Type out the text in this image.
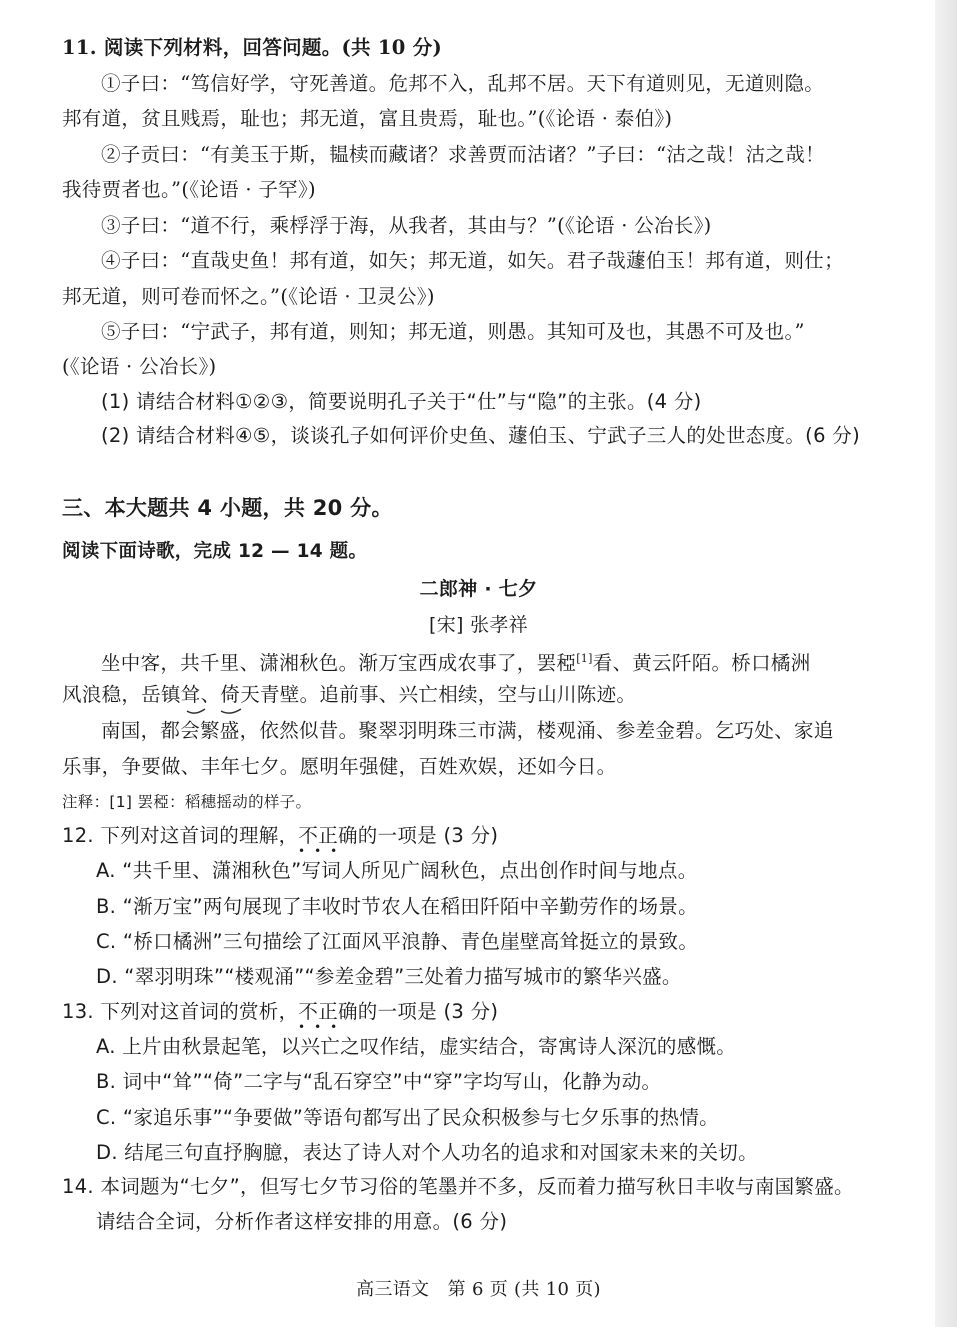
11. 阅读下列材料，回答问题。(共 10 分)
①子曰：“笃信好学，守死善道。危邦不入，乱邦不居。天下有道则见，无道则隐。
邦有道，贫且贱焉，耻也；邦无道，富且贵焉，耻也。”(《论语 · 泰伯》)
②子贡曰：“有美玉于斯，韫椟而藏诸？求善贾而沽诸？”子曰：“沽之哉！沽之哉！
我待贾者也。”(《论语 · 子罕》)
③子曰：“道不行，乘桴浮于海，从我者，其由与？”(《论语 · 公冶长》)
④子曰：“直哉史鱼！邦有道，如矢；邦无道，如矢。君子哉蘧伯玉！邦有道，则仕；
邦无道，则可卷而怀之。”(《论语 · 卫灵公》)
⑤子曰：“宁武子，邦有道，则知；邦无道，则愚。其知可及也，其愚不可及也。”
(《论语 · 公冶长》)
(1) 请结合材料①②③，简要说明孔子关于“仕”与“隐”的主张。(4 分)
(2) 请结合材料④⑤，谈谈孔子如何评价史鱼、蘧伯玉、宁武子三人的处世态度。(6 分)
三、本大题共 4 小题，共 20 分。
阅读下面诗歌，完成 12 — 14 题。
二郎神 · 七夕
[宋] 张孝祥
坐中客，共千里、潇湘秋色。渐万宝西成农事了，罢稏[1]看、黄云阡陌。桥口橘洲
风浪稳，岳镇耸、倚天青壁。追前事、兴亡相续，空与山川陈迹。
南国，都会繁盛，依然似昔。聚翠羽明珠三市满，楼观涌、参差金碧。乞巧处、家追
乐事，争要做、丰年七夕。愿明年强健，百姓欢娱，还如今日。
注释：[1] 罢稏：稻穗摇动的样子。
12. 下列对这首词的理解，不正确的一项是 (3 分)
•••
A. “共千里、潇湘秋色”写词人所见广阔秋色，点出创作时间与地点。
B. “渐万宝”两句展现了丰收时节农人在稻田阡陌中辛勤劳作的场景。
C. “桥口橘洲”三句描绘了江面风平浪静、青色崖壁高耸挺立的景致。
D. “翠羽明珠”“楼观涌”“参差金碧”三处着力描写城市的繁华兴盛。
13. 下列对这首词的赏析，不正确的一项是 (3 分)
•••
A. 上片由秋景起笔，以兴亡之叹作结，虚实结合，寄寓诗人深沉的感慨。
B. 词中“耸”“倚”二字与“乱石穿空”中“穿”字均写山，化静为动。
C. “家追乐事”“争要做”等语句都写出了民众积极参与七夕乐事的热情。
D. 结尾三句直抒胸臆，表达了诗人对个人功名的追求和对国家未来的关切。
14. 本词题为“七夕”，但写七夕节习俗的笔墨并不多，反而着力描写秋日丰收与南国繁盛。
请结合全词，分析作者这样安排的用意。(6 分)
高三语文　第 6 页 (共 10 页)
